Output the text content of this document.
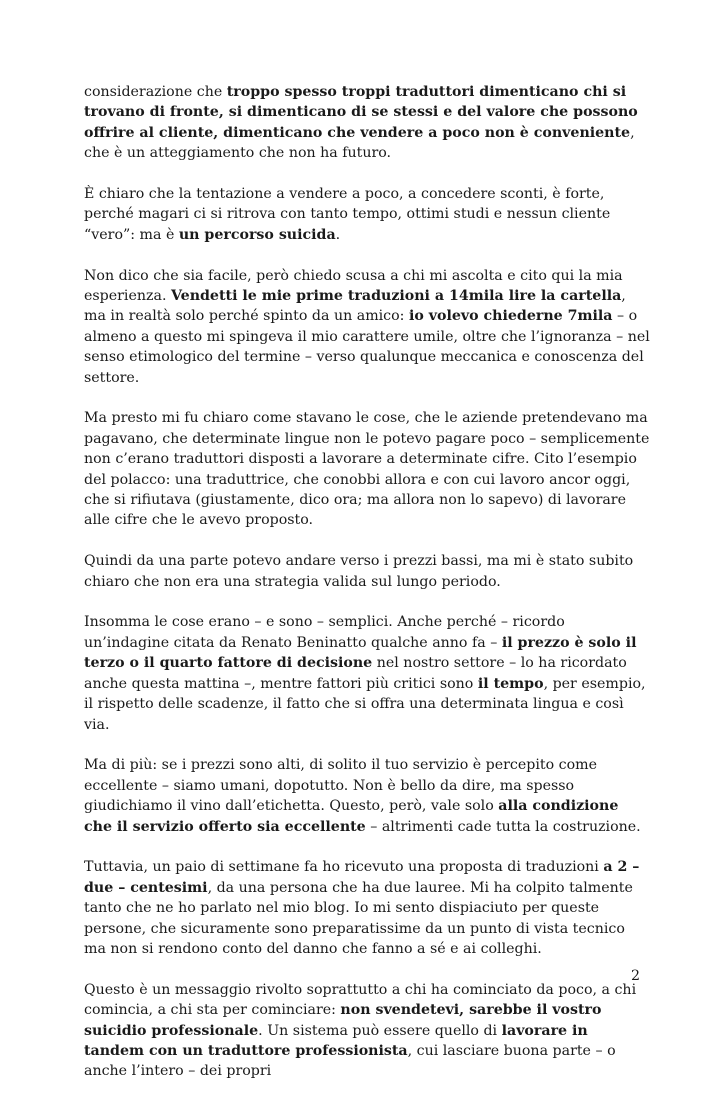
considerazione che troppo spesso troppi traduttori dimenticano chi si trovano di fronte, si dimenticano di se stessi e del valore che possono offrire al cliente, dimenticano che vendere a poco non è conveniente, che è un atteggiamento che non ha futuro.

È chiaro che la tentazione a vendere a poco, a concedere sconti, è forte, perché magari ci si ritrova con tanto tempo, ottimi studi e nessun cliente “vero”: ma è un percorso suicida.

Non dico che sia facile, però chiedo scusa a chi mi ascolta e cito qui la mia esperienza. Vendetti le mie prime traduzioni a 14mila lire la cartella, ma in realtà solo perché spinto da un amico: io volevo chiederne 7mila – o almeno a questo mi spingeva il mio carattere umile, oltre che l’ignoranza – nel senso etimologico del termine – verso qualunque meccanica e conoscenza del settore.

Ma presto mi fu chiaro come stavano le cose, che le aziende pretendevano ma pagavano, che determinate lingue non le potevo pagare poco – semplicemente non c’erano traduttori disposti a lavorare a determinate cifre. Cito l’esempio del polacco: una traduttrice, che conobbi allora e con cui lavoro ancor oggi, che si rifiutava (giustamente, dico ora; ma allora non lo sapevo) di lavorare alle cifre che le avevo proposto.

Quindi da una parte potevo andare verso i prezzi bassi, ma mi è stato subito chiaro che non era una strategia valida sul lungo periodo.

Insomma le cose erano – e sono – semplici. Anche perché – ricordo un’indagine citata da Renato Beninatto qualche anno fa – il prezzo è solo il terzo o il quarto fattore di decisione nel nostro settore – lo ha ricordato anche questa mattina –, mentre fattori più critici sono il tempo, per esempio, il rispetto delle scadenze, il fatto che si offra una determinata lingua e così via.

Ma di più: se i prezzi sono alti, di solito il tuo servizio è percepito come eccellente – siamo umani, dopotutto. Non è bello da dire, ma spesso giudichiamo il vino dall’etichetta. Questo, però, vale solo alla condizione che il servizio offerto sia eccellente – altrimenti cade tutta la costruzione.

Tuttavia, un paio di settimane fa ho ricevuto una proposta di traduzioni a 2 – due – centesimi, da una persona che ha due lauree. Mi ha colpito talmente tanto che ne ho parlato nel mio blog. Io mi sento dispiaciuto per queste persone, che sicuramente sono preparatissime da un punto di vista tecnico ma non si rendono conto del danno che fanno a sé e ai colleghi.

Questo è un messaggio rivolto soprattutto a chi ha cominciato da poco, a chi comincia, a chi sta per cominciare: non svendetevi, sarebbe il vostro suicidio professionale. Un sistema può essere quello di lavorare in tandem con un traduttore professionista, cui lasciare buona parte – o anche l’intero – dei propri

2
